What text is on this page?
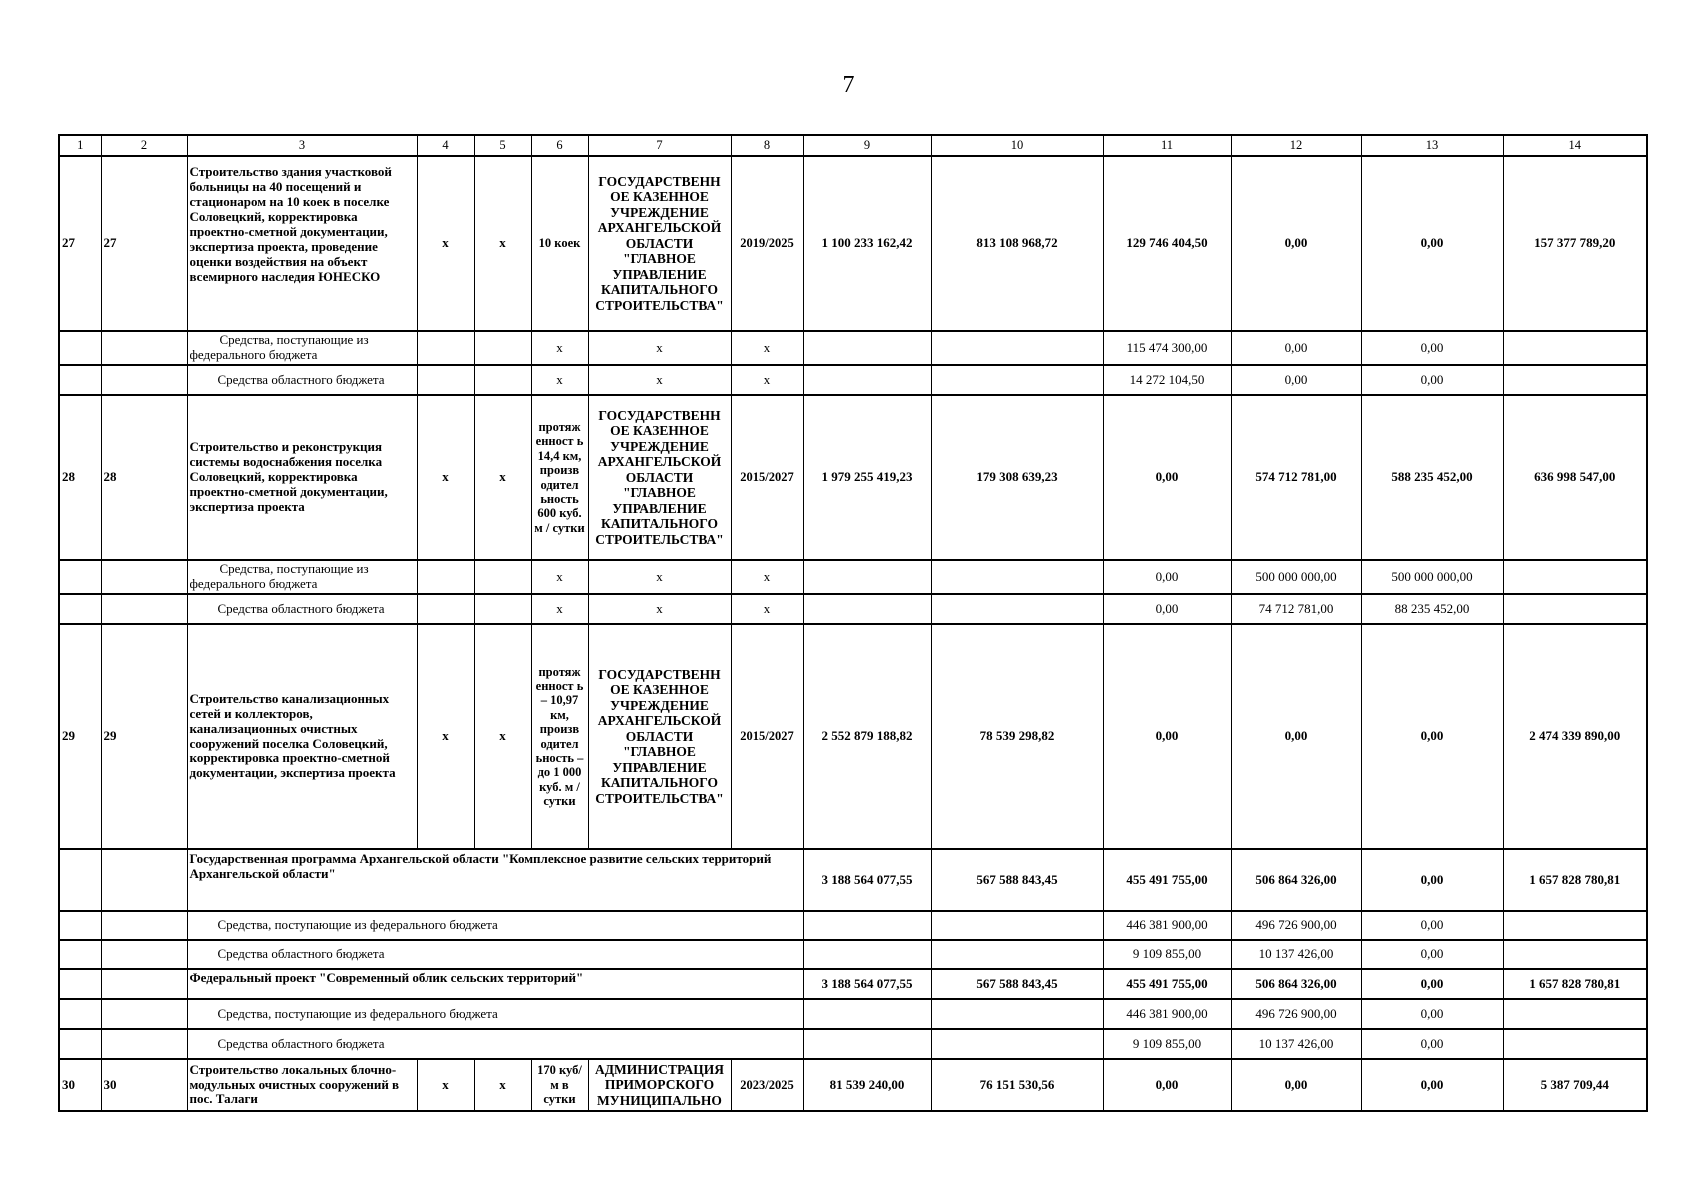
7
1	2	3	4	5	6	7	8	9	10	11	12	13	14
27	27	Строительство здания участковой больницы на 40 посещений и стационаром на 10 коек в поселке Соловецкий, корректировка проектно-сметной документации, экспертиза проекта, проведение оценки воздействия на объект всемирного наследия ЮНЕСКО	х	х	10 коек	ГОСУДАРСТВЕНН ОЕ КАЗЕННОЕ УЧРЕЖДЕНИЕ АРХАНГЕЛЬСКОЙ ОБЛАСТИ "ГЛАВНОЕ УПРАВЛЕНИЕ КАПИТАЛЬНОГО СТРОИТЕЛЬСТВА"	2019/2025	1 100 233 162,42	813 108 968,72	129 746 404,50	0,00	0,00	157 377 789,20
		Средства, поступающие из федерального бюджета			х	х	х			115 474 300,00	0,00	0,00	
		Средства областного бюджета			х	х	х			14 272 104,50	0,00	0,00	
28	28	Строительство и реконструкция системы водоснабжения поселка Соловецкий, корректировка проектно-сметной документации, экспертиза проекта	х	х	протяж енност ь 14,4 км, произв одител ьность 600 куб. м / сутки	ГОСУДАРСТВЕНН ОЕ КАЗЕННОЕ УЧРЕЖДЕНИЕ АРХАНГЕЛЬСКОЙ ОБЛАСТИ "ГЛАВНОЕ УПРАВЛЕНИЕ КАПИТАЛЬНОГО СТРОИТЕЛЬСТВА"	2015/2027	1 979 255 419,23	179 308 639,23	0,00	574 712 781,00	588 235 452,00	636 998 547,00
		Средства, поступающие из федерального бюджета			х	х	х			0,00	500 000 000,00	500 000 000,00	
		Средства областного бюджета			х	х	х			0,00	74 712 781,00	88 235 452,00	
29	29	Строительство канализационных сетей и коллекторов, канализационных очистных сооружений поселка Соловецкий, корректировка проектно-сметной документации, экспертиза проекта	х	х	протяж енност ь – 10,97 км, произв одител ьность – до 1 000 куб. м / сутки	ГОСУДАРСТВЕНН ОЕ КАЗЕННОЕ УЧРЕЖДЕНИЕ АРХАНГЕЛЬСКОЙ ОБЛАСТИ "ГЛАВНОЕ УПРАВЛЕНИЕ КАПИТАЛЬНОГО СТРОИТЕЛЬСТВА"	2015/2027	2 552 879 188,82	78 539 298,82	0,00	0,00	0,00	2 474 339 890,00
		Государственная программа Архангельской области "Комплексное развитие сельских территорий Архангельской области"						3 188 564 077,55	567 588 843,45	455 491 755,00	506 864 326,00	0,00	1 657 828 780,81
		Средства, поступающие из федерального бюджета								446 381 900,00	496 726 900,00	0,00	
		Средства областного бюджета								9 109 855,00	10 137 426,00	0,00	
		Федеральный проект "Современный облик сельских территорий"						3 188 564 077,55	567 588 843,45	455 491 755,00	506 864 326,00	0,00	1 657 828 780,81
		Средства, поступающие из федерального бюджета								446 381 900,00	496 726 900,00	0,00	
		Средства областного бюджета								9 109 855,00	10 137 426,00	0,00	
30	30	Строительство локальных блочно-модульных очистных сооружений в пос. Талаги	х	х	170 куб/м в сутки	АДМИНИСТРАЦИЯ ПРИМОРСКОГО МУНИЦИПАЛЬНО	2023/2025	81 539 240,00	76 151 530,56	0,00	0,00	0,00	5 387 709,44
